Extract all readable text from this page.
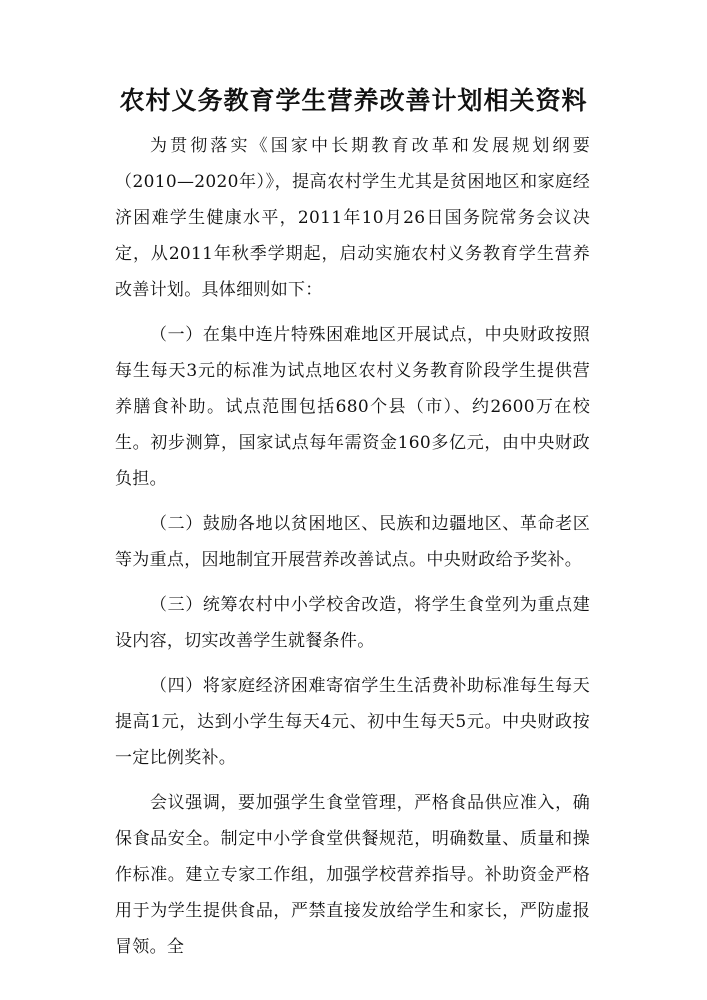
农村义务教育学生营养改善计划相关资料

为贯彻落实《国家中长期教育改革和发展规划纲要（2010—2020年）》，提高农村学生尤其是贫困地区和家庭经济困难学生健康水平，2011年10月26日国务院常务会议决定，从2011年秋季学期起，启动实施农村义务教育学生营养改善计划。具体细则如下：

（一）在集中连片特殊困难地区开展试点，中央财政按照每生每天3元的标准为试点地区农村义务教育阶段学生提供营养膳食补助。试点范围包括680个县（市）、约2600万在校生。初步测算，国家试点每年需资金160多亿元，由中央财政负担。

（二）鼓励各地以贫困地区、民族和边疆地区、革命老区等为重点，因地制宜开展营养改善试点。中央财政给予奖补。

（三）统筹农村中小学校舍改造，将学生食堂列为重点建设内容，切实改善学生就餐条件。

（四）将家庭经济困难寄宿学生生活费补助标准每生每天提高1元，达到小学生每天4元、初中生每天5元。中央财政按一定比例奖补。

会议强调，要加强学生食堂管理，严格食品供应准入，确保食品安全。制定中小学食堂供餐规范，明确数量、质量和操作标准。建立专家工作组，加强学校营养指导。补助资金严格用于为学生提供食品，严禁直接发放给学生和家长，严防虚报冒领。全
